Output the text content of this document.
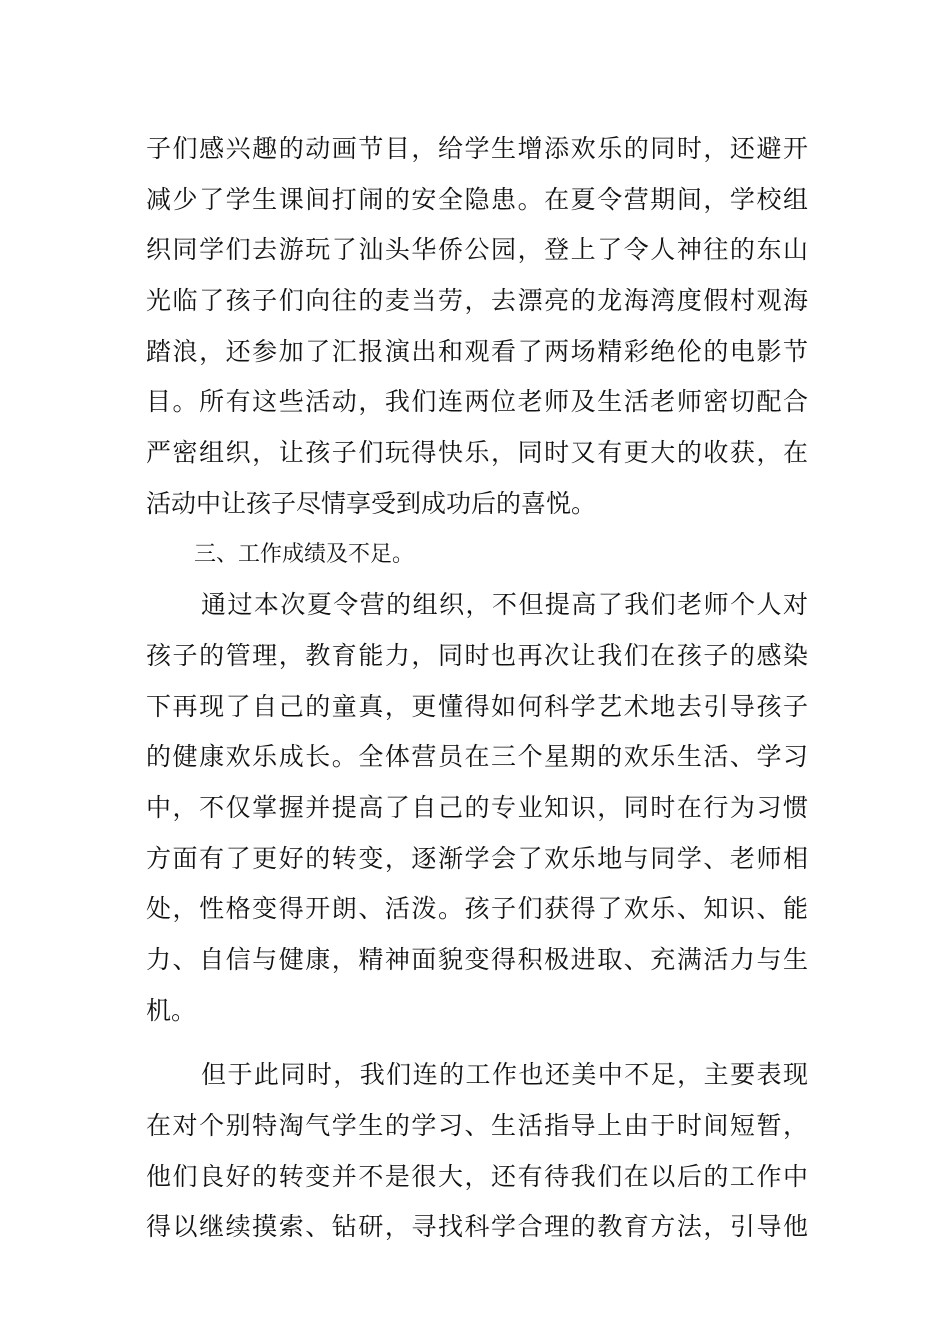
子们感兴趣的动画节目，给学生增添欢乐的同时，还避开
减少了学生课间打闹的安全隐患。在夏令营期间，学校组
织同学们去游玩了汕头华侨公园，登上了令人神往的东山
光临了孩子们向往的麦当劳，去漂亮的龙海湾度假村观海
踏浪，还参加了汇报演出和观看了两场精彩绝伦的电影节
目。所有这些活动，我们连两位老师及生活老师密切配合
严密组织，让孩子们玩得快乐，同时又有更大的收获，在
活动中让孩子尽情享受到成功后的喜悦。
三、工作成绩及不足。
通过本次夏令营的组织，不但提高了我们老师个人对
孩子的管理，教育能力，同时也再次让我们在孩子的感染
下再现了自己的童真，更懂得如何科学艺术地去引导孩子
的健康欢乐成长。全体营员在三个星期的欢乐生活、学习
中，不仅掌握并提高了自己的专业知识，同时在行为习惯
方面有了更好的转变，逐渐学会了欢乐地与同学、老师相
处，性格变得开朗、活泼。孩子们获得了欢乐、知识、能
力、自信与健康，精神面貌变得积极进取、充满活力与生
机。
但于此同时，我们连的工作也还美中不足，主要表现
在对个别特淘气学生的学习、生活指导上由于时间短暂，
他们良好的转变并不是很大，还有待我们在以后的工作中
得以继续摸索、钻研，寻找科学合理的教育方法，引导他
